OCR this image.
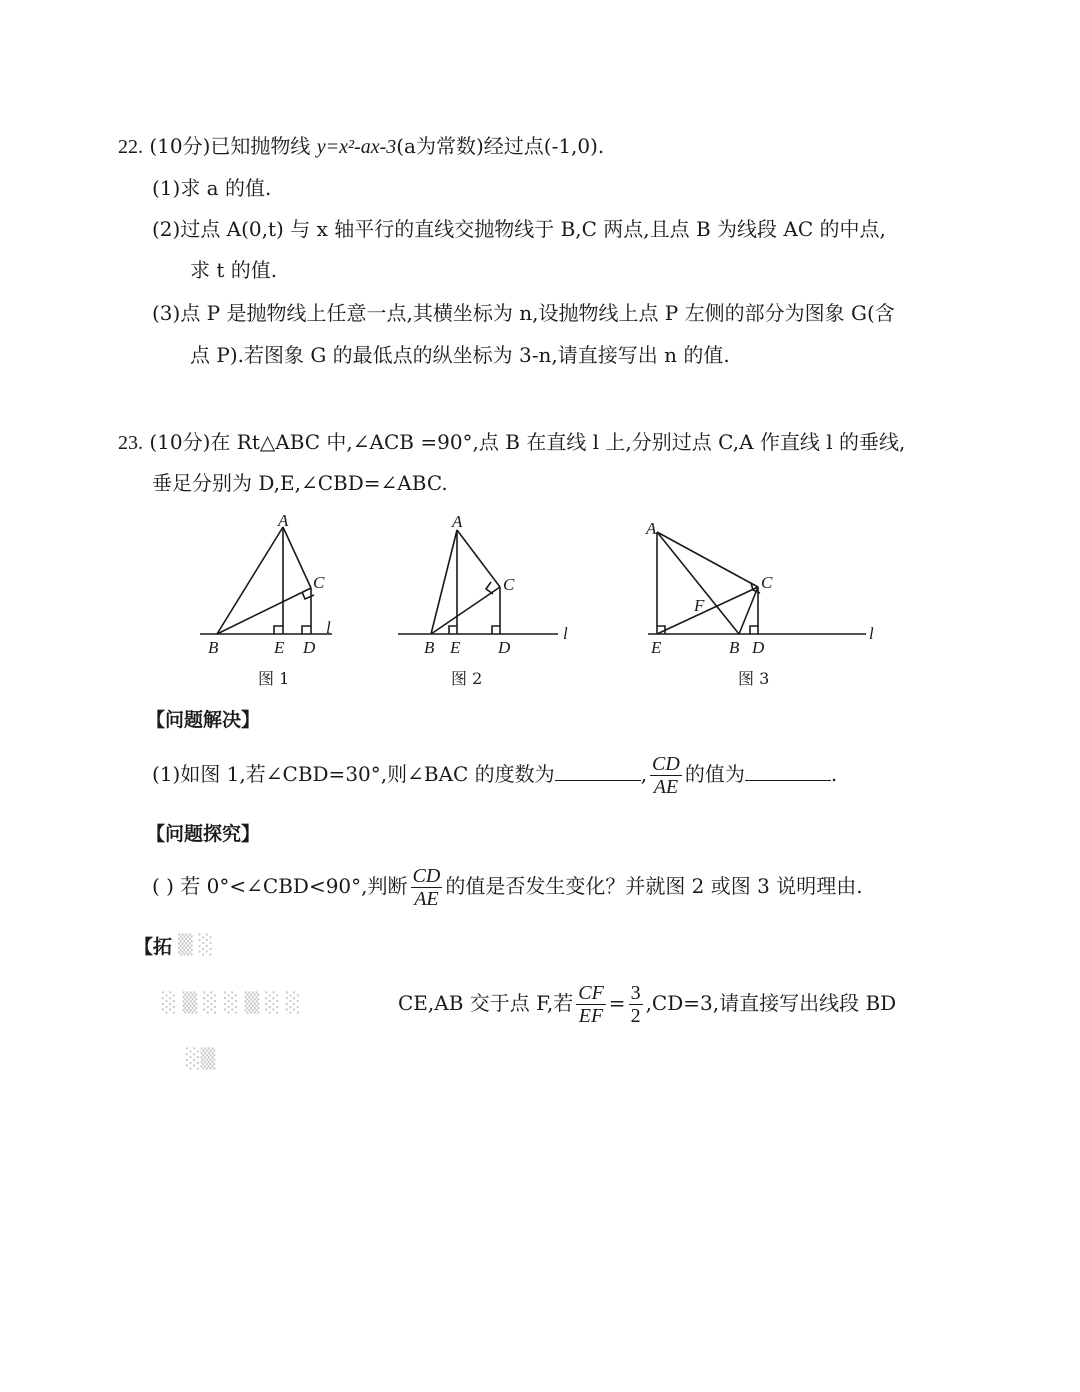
22. (10分)已知抛物线 y=x²-ax-3(a为常数)经过点(-1,0).
(1)求 a 的值.
(2)过点 A(0,t) 与 x 轴平行的直线交抛物线于 B,C 两点,且点 B 为线段 AC 的中点,
求 t 的值.
(3)点 P 是抛物线上任意一点,其横坐标为 n,设抛物线上点 P 左侧的部分为图象 G(含
点 P).若图象 G 的最低点的纵坐标为 3-n,请直接写出 n 的值.
23. (10分)在 Rt△ABC 中,∠ACB =90°,点 B 在直线 l 上,分别过点 C,A 作直线 l 的垂线,
垂足分别为 D,E,∠CBD=∠ABC.
A
C
B	E D
l
图 1
A
C
B E D
l
图 2
A
C
F
E	B D
l
图 3
【问题解决】
(1)如图 1,若∠CBD=30°,则∠BAC 的度数为	, $\frac{CD}{AE}$ 的值为	.
【问题探究】
( ) 若 0°<∠CBD<90°,判断 $\frac{CD}{AE}$ 的值是否发生变化？并就图 2 或图 3 说明理由.
【拓 ▒ ░
░ ▒ ░ ░ ▒ ░ ░	CE,AB 交于点 F,若 $\frac{CF}{EF} = \frac{3}{2} ,CD=3$,请直接写出线段 BD
░▒
